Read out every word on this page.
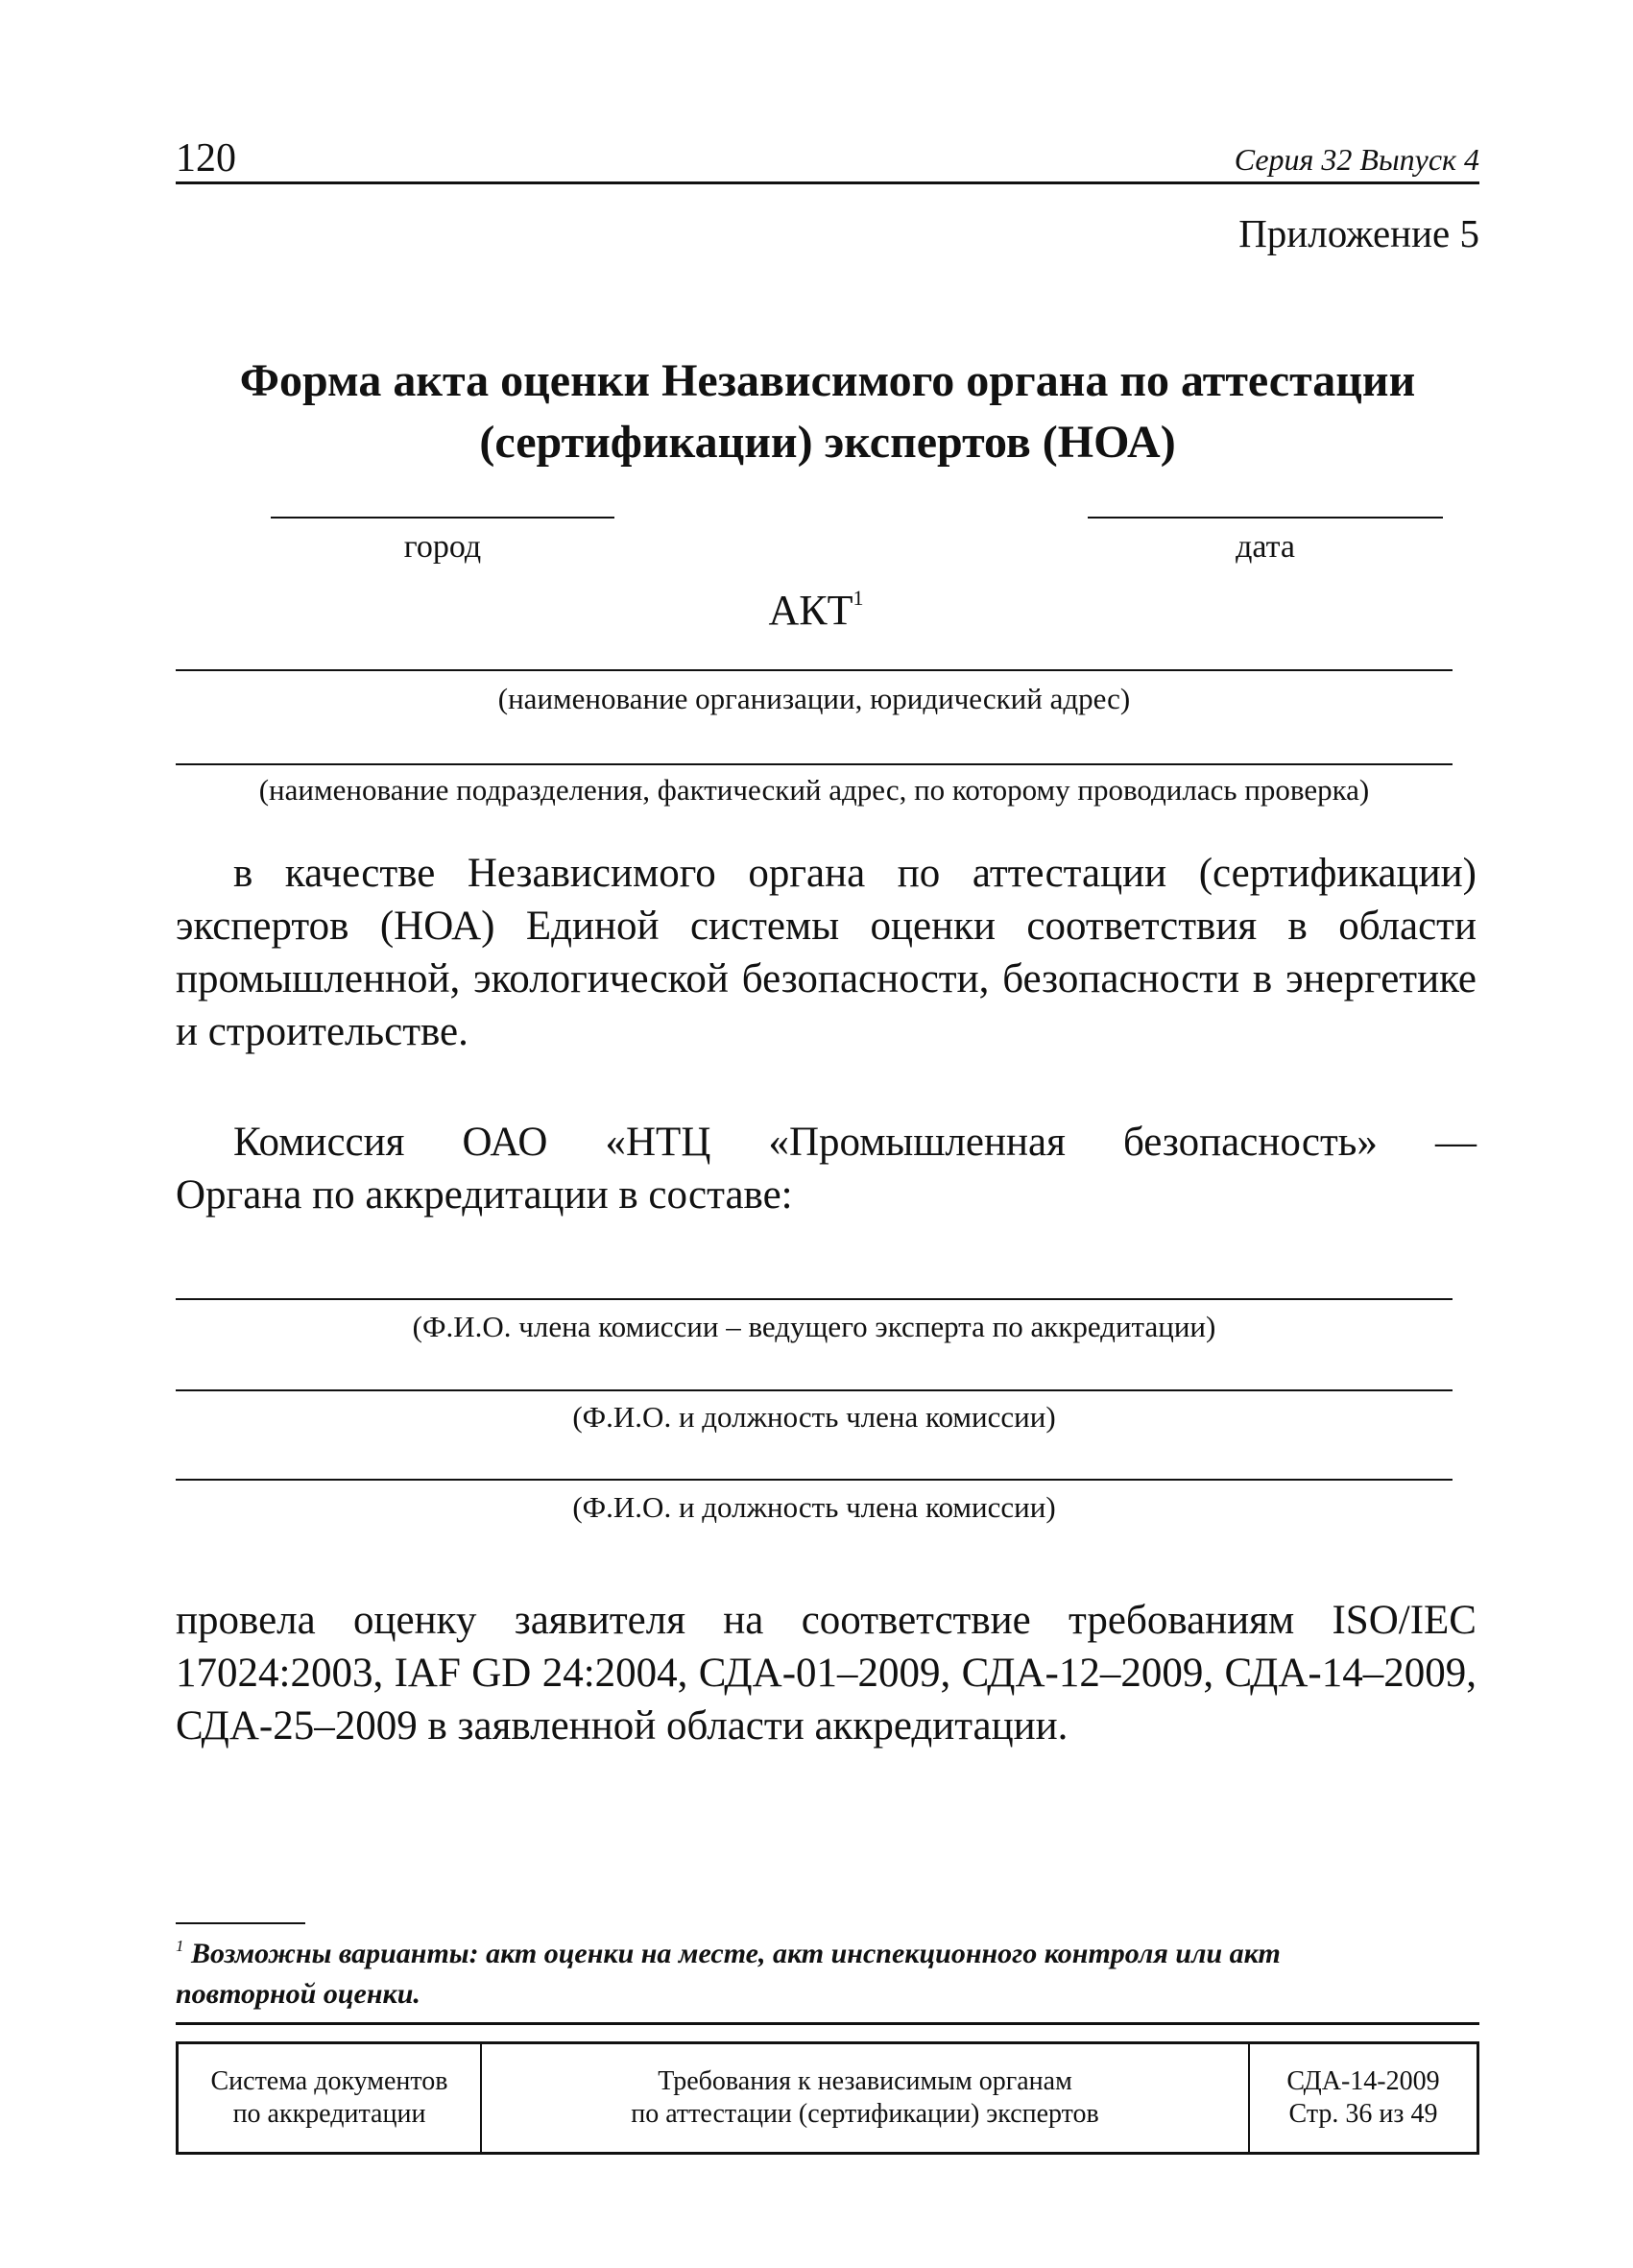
120	Серия 32 Выпуск 4
Приложение 5
Форма акта оценки Независимого органа по аттестации
(сертификации) экспертов (НОА)
город	дата
АКТ$^1$
(наименование организации, юридический адрес)
(наименование подразделения, фактический адрес, по которому проводилась проверка)
в качестве Независимого органа по аттестации (сертификации) экспертов (НОА) Единой системы оценки соответствия в области промышленной, экологической безопасности, безопасности в энергетике и строительстве.
Комиссия ОАО «НТЦ «Промышленная безопасность» —
Органа по аккредитации в составе:
(Ф.И.О. члена комиссии – ведущего эксперта по аккредитации)
(Ф.И.О. и должность члена комиссии)
(Ф.И.О. и должность члена комиссии)
провела оценку заявителя на соответствие требованиям ISO/IEC 17024:2003, IAF GD 24:2004, СДА-01–2009, СДА-12–2009, СДА-14–2009, СДА-25–2009 в заявленной области аккредитации.
$^1$ Возможны варианты: акт оценки на месте, акт инспекционного контроля или акт повторной оценки.
Система документов
по аккредитации
Требования к независимым органам
по аттестации (сертификации) экспертов
СДА-14-2009
Стр. 36 из 49
